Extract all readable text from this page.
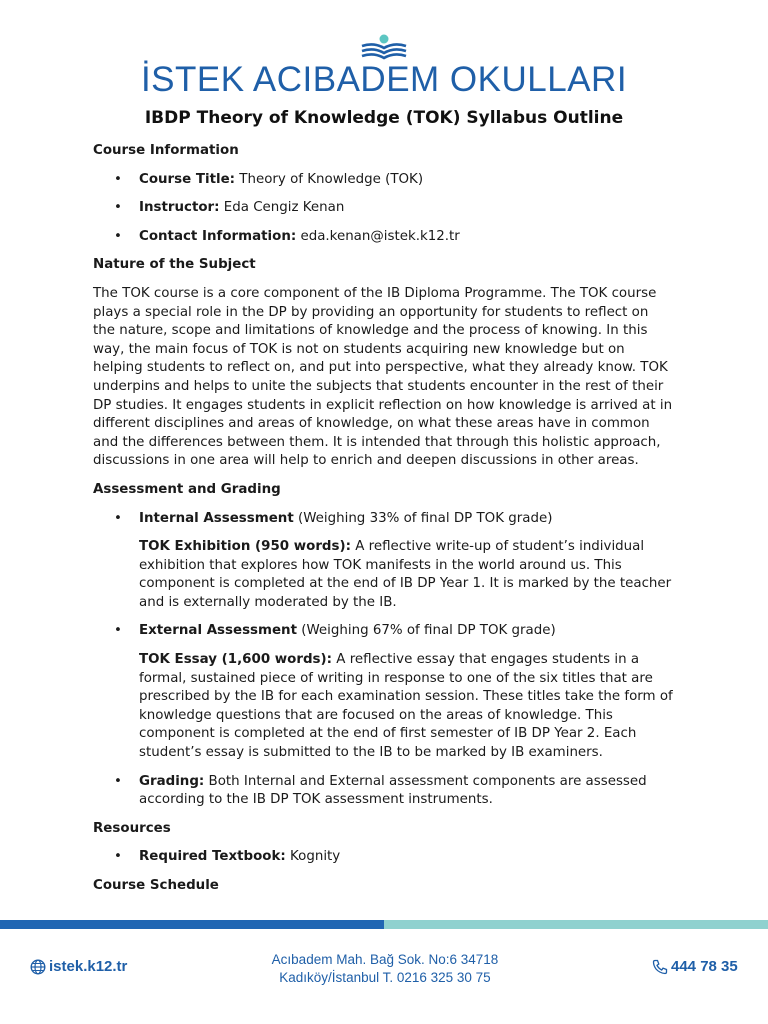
İSTEK ACIBADEM OKULLARI
IBDP Theory of Knowledge (TOK) Syllabus Outline
Course Information
• Course Title: Theory of Knowledge (TOK)
• Instructor: Eda Cengiz Kenan
• Contact Information: eda.kenan@istek.k12.tr
Nature of the Subject

The TOK course is a core component of the IB Diploma Programme. The TOK course plays a special role in the DP by providing an opportunity for students to reflect on the nature, scope and limitations of knowledge and the process of knowing. In this way, the main focus of TOK is not on students acquiring new knowledge but on helping students to reflect on, and put into perspective, what they already know. TOK underpins and helps to unite the subjects that students encounter in the rest of their DP studies. It engages students in explicit reflection on how knowledge is arrived at in different disciplines and areas of knowledge, on what these areas have in common and the differences between them. It is intended that through this holistic approach, discussions in one area will help to enrich and deepen discussions in other areas.

Assessment and Grading
• Internal Assessment (Weighing 33% of final DP TOK grade)
TOK Exhibition (950 words): A reflective write-up of student’s individual exhibition that explores how TOK manifests in the world around us. This component is completed at the end of IB DP Year 1. It is marked by the teacher and is externally moderated by the IB.
• External Assessment (Weighing 67% of final DP TOK grade)
TOK Essay (1,600 words): A reflective essay that engages students in a formal, sustained piece of writing in response to one of the six titles that are prescribed by the IB for each examination session. These titles take the form of knowledge questions that are focused on the areas of knowledge. This component is completed at the end of first semester of IB DP Year 2. Each student’s essay is submitted to the IB to be marked by IB examiners.
• Grading: Both Internal and External assessment components are assessed according to the IB DP TOK assessment instruments.
Resources
• Required Textbook: Kognity
Course Schedule
istek.k12.tr	Acıbadem Mah. Bağ Sok. No:6 34718
Kadıköy/İstanbul T. 0216 325 30 75
444 78 35
